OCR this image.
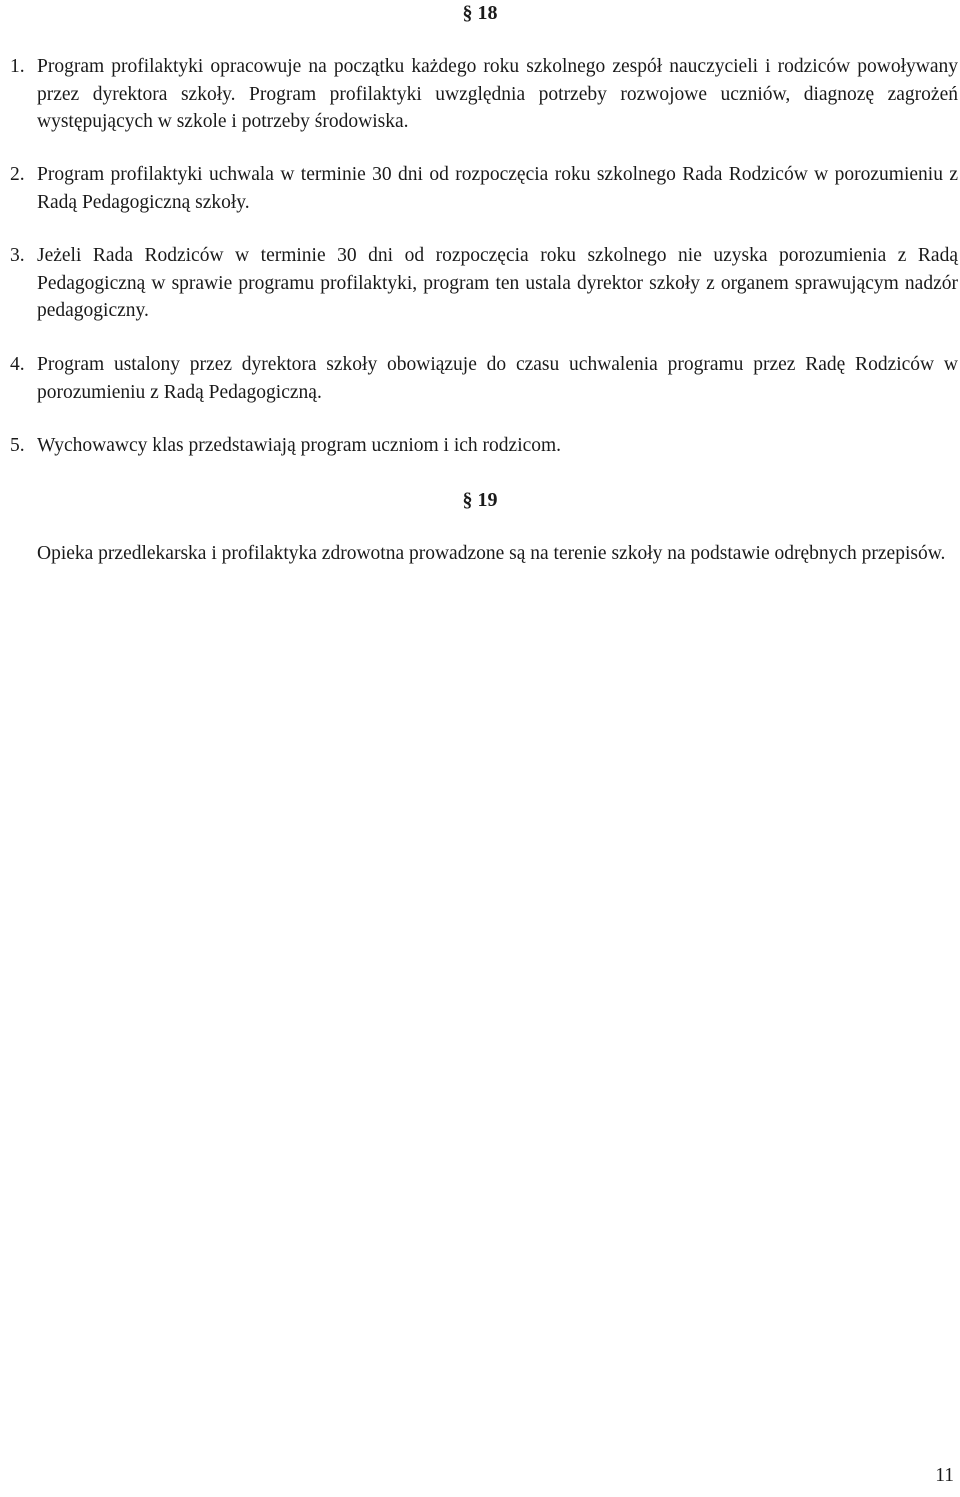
§ 18

1. Program profilaktyki opracowuje na początku każdego roku szkolnego zespół nauczycieli i rodziców powoływany przez dyrektora szkoły. Program profilaktyki uwzględnia potrzeby rozwojowe uczniów, diagnozę zagrożeń występujących w szkole i potrzeby środowiska.

2. Program profilaktyki uchwala w terminie 30 dni od rozpoczęcia roku szkolnego Rada Rodziców w porozumieniu z Radą Pedagogiczną szkoły.

3. Jeżeli Rada Rodziców w terminie 30 dni od rozpoczęcia roku szkolnego nie uzyska porozumienia z Radą Pedagogiczną w sprawie programu profilaktyki, program ten ustala dyrektor szkoły z organem sprawującym nadzór pedagogiczny.

4. Program ustalony przez dyrektora szkoły obowiązuje do czasu uchwalenia programu przez Radę Rodziców w porozumieniu z Radą Pedagogiczną.

5. Wychowawcy klas przedstawiają program uczniom i ich rodzicom.

§ 19

Opieka przedlekarska i profilaktyka zdrowotna prowadzone są na terenie szkoły na podstawie odrębnych przepisów.

11
